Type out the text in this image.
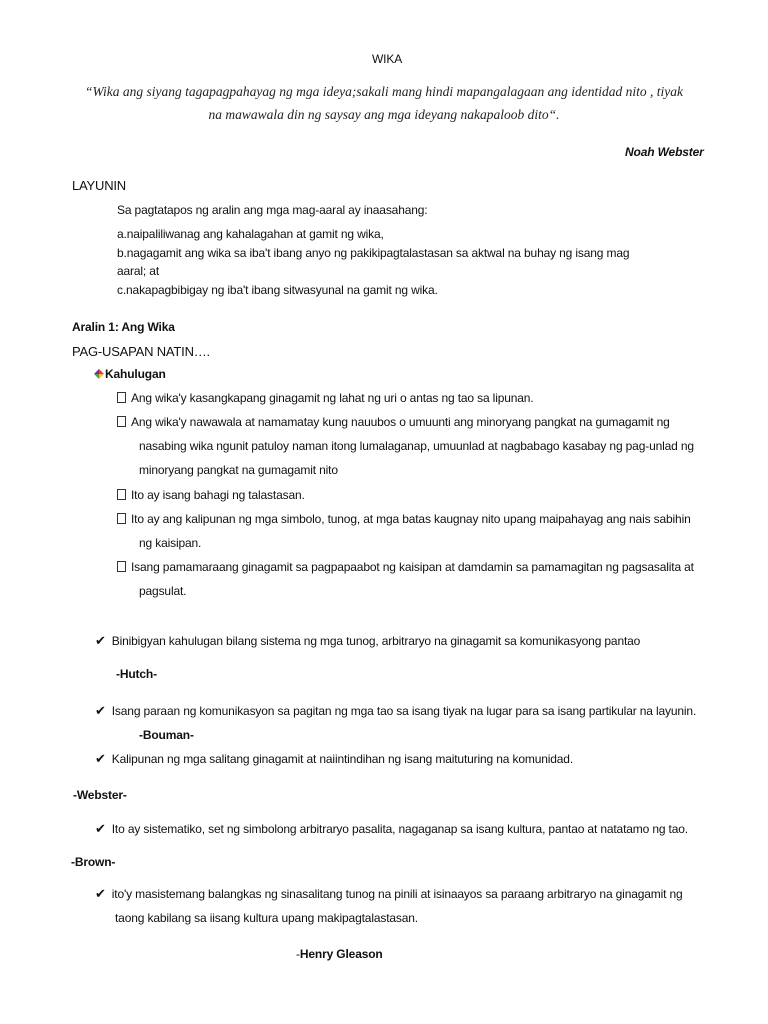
WIKA

“Wika ang siyang tagapagpahayag ng mga ideya;sakali mang hindi mapangalagaan ang identidad nito , tiyak

na mawawala din ng saysay ang mga ideyang nakapaloob dito“.

Noah Webster

LAYUNIN

Sa pagtatapos ng aralin ang mga mag-aaral ay inaasahang:

a.naipaliliwanag ang kahalagahan at gamit ng wika,

b.nagagamit ang wika sa iba't ibang anyo ng pakikipagtalastasan sa aktwal na buhay ng isang mag

aaral; at

c.nakapagbibigay ng iba't ibang sitwasyunal na gamit ng wika.

Aralin 1: Ang Wika

PAG-USAPAN NATIN….

Kahulugan

Ang wika'y kasangkapang ginagamit ng lahat ng uri o antas ng tao sa lipunan.

Ang wika'y nawawala at namamatay kung nauubos o umuunti ang minoryang pangkat na gumagamit ng

nasabing wika ngunit patuloy naman itong lumalaganap, umuunlad at nagbabago kasabay ng pag-unlad ng

minoryang pangkat na gumagamit nito

Ito ay isang bahagi ng talastasan.

Ito ay ang kalipunan ng mga simbolo, tunog, at mga batas kaugnay nito upang maipahayag ang nais sabihin

ng kaisipan.

Isang pamamaraang ginagamit sa pagpapaabot ng kaisipan at damdamin sa pamamagitan ng pagsasalita at

pagsulat.

✔ Binibigyan kahulugan bilang sistema ng mga tunog, arbitraryo na ginagamit sa komunikasyong pantao

-Hutch-

✔ Isang paraan ng komunikasyon sa pagitan ng mga tao sa isang tiyak na lugar para sa isang partikular na layunin.

-Bouman-

✔ Kalipunan ng mga salitang ginagamit at naiintindihan ng isang maituturing na komunidad.

-Webster-

✔ Ito ay sistematiko, set ng simbolong arbitraryo pasalita, nagaganap sa isang kultura, pantao at natatamo ng tao.

-Brown-

✔ ito'y masistemang balangkas ng sinasalitang tunog na pinili at isinaayos sa paraang arbitraryo na ginagamit ng

taong kabilang sa iisang kultura upang makipagtalastasan.

-Henry Gleason
